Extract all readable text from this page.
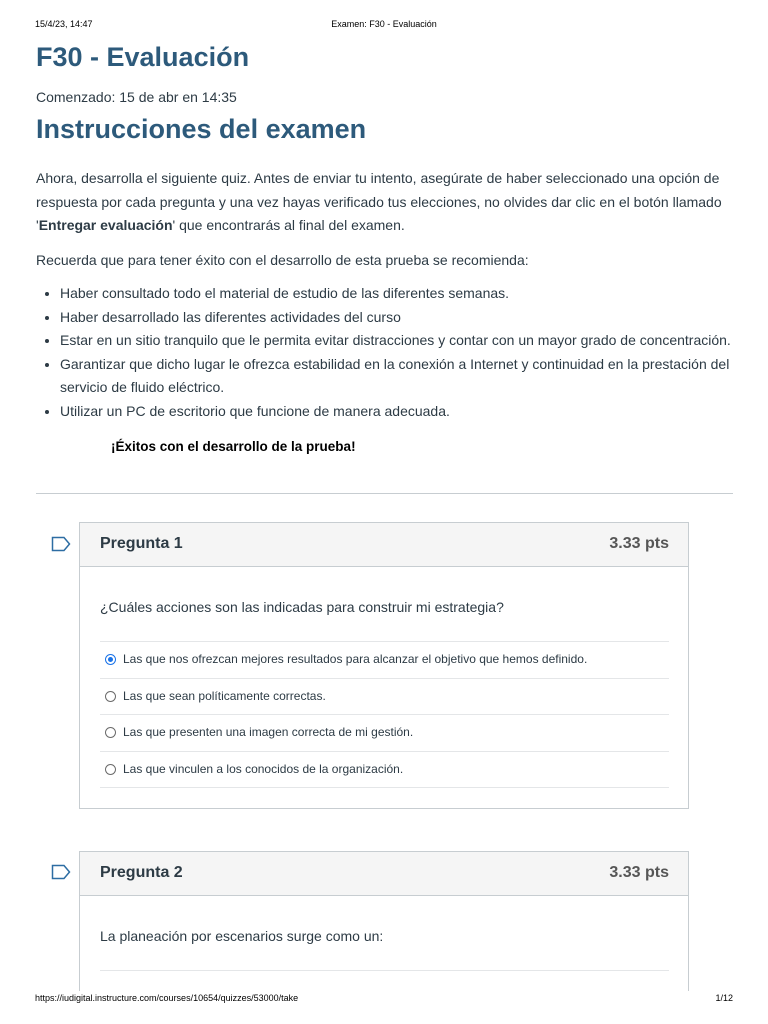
15/4/23, 14:47	Examen: F30 - Evaluación
F30 - Evaluación
Comenzado: 15 de abr en 14:35
Instrucciones del examen

Ahora, desarrolla el siguiente quiz. Antes de enviar tu intento, asegúrate de haber seleccionado una opción de respuesta por cada pregunta y una vez hayas verificado tus elecciones, no olvides dar clic en el botón llamado 'Entregar evaluación' que encontrarás al final del examen.

Recuerda que para tener éxito con el desarrollo de esta prueba se recomienda:

• Haber consultado todo el material de estudio de las diferentes semanas.
• Haber desarrollado las diferentes actividades del curso
• Estar en un sitio tranquilo que le permita evitar distracciones y contar con un mayor grado de concentración.
• Garantizar que dicho lugar le ofrezca estabilidad en la conexión a Internet y continuidad en la prestación del servicio de fluido eléctrico.
• Utilizar un PC de escritorio que funcione de manera adecuada.
¡Éxitos con el desarrollo de la prueba!
Pregunta 1	3.33 pts
¿Cuáles acciones son las indicadas para construir mi estrategia?
Las que nos ofrezcan mejores resultados para alcanzar el objetivo que hemos definido.
Las que sean políticamente correctas.
Las que presenten una imagen correcta de mi gestión.
Las que vinculen a los conocidos de la organización.
Pregunta 2	3.33 pts
La planeación por escenarios surge como un:
https://iudigital.instructure.com/courses/10654/quizzes/53000/take	1/12
